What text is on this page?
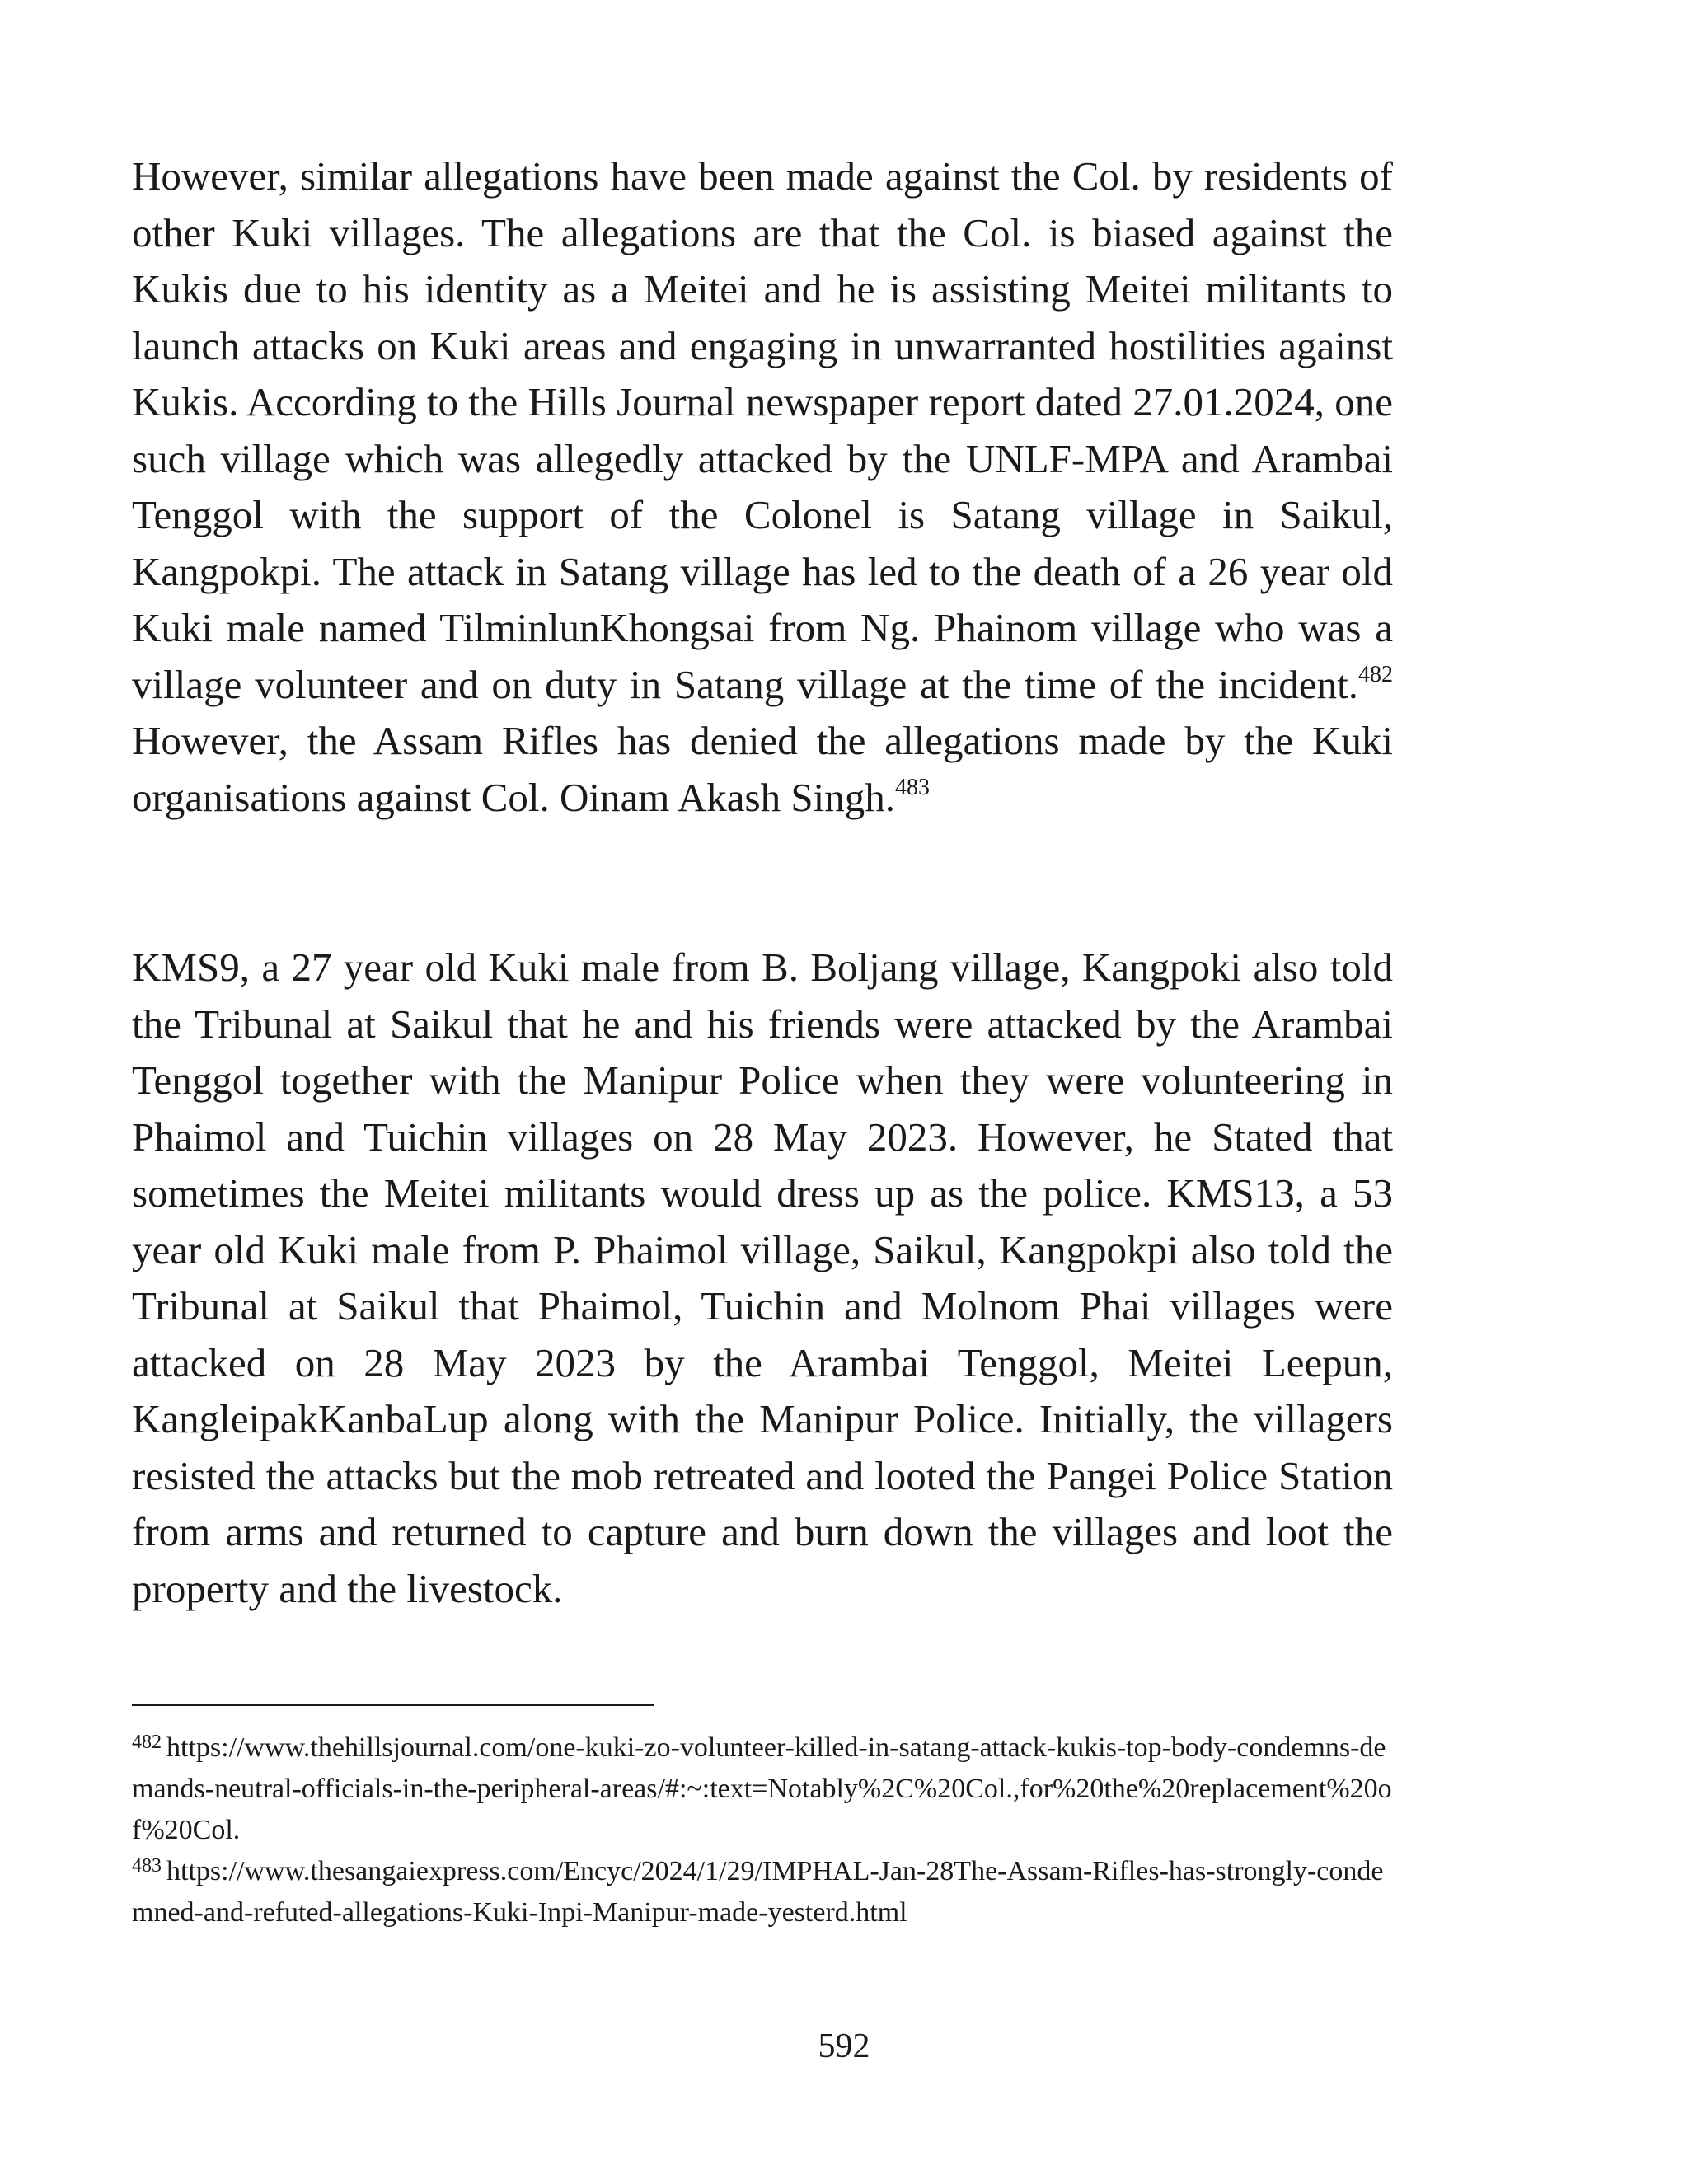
However, similar allegations have been made against the Col. by residents of other Kuki villages. The allegations are that the Col. is biased against the Kukis due to his identity as a Meitei and he is assisting Meitei militants to launch attacks on Kuki areas and engaging in unwarranted hostilities against Kukis. According to the Hills Journal newspaper report dated 27.01.2024, one such village which was allegedly attacked by the UNLF-MPA and Arambai Tenggol with the support of the Colonel is Satang village in Saikul, Kangpokpi. The attack in Satang village has led to the death of a 26 year old Kuki male named TilminlunKhongsai from Ng. Phainom village who was a village volunteer and on duty in Satang village at the time of the incident.$^{482}$ However, the Assam Rifles has denied the allegations made by the Kuki organisations against Col. Oinam Akash Singh.$^{483}$

KMS9, a 27 year old Kuki male from B. Boljang village, Kangpoki also told the Tribunal at Saikul that he and his friends were attacked by the Arambai Tenggol together with the Manipur Police when they were volunteering in Phaimol and Tuichin villages on 28 May 2023. However, he Stated that sometimes the Meitei militants would dress up as the police. KMS13, a 53 year old Kuki male from P. Phaimol village, Saikul, Kangpokpi also told the Tribunal at Saikul that Phaimol, Tuichin and Molnom Phai villages were attacked on 28 May 2023 by the Arambai Tenggol, Meitei Leepun, KangleipakKanbaLup along with the Manipur Police. Initially, the villagers resisted the attacks but the mob retreated and looted the Pangei Police Station from arms and returned to capture and burn down the villages and loot the property and the livestock.

$^{482}$ https://www.thehillsjournal.com/one-kuki-zo-volunteer-killed-in-satang-attack-kukis-top-body-condemns-demands-neutral-officials-in-the-peripheral-areas/#:~:text=Notably%2C%20Col.,for%20the%20replacement%20of%20Col.

$^{483}$ https://www.thesangaiexpress.com/Encyc/2024/1/29/IMPHAL-Jan-28The-Assam-Rifles-has-strongly-condemned-and-refuted-allegations-Kuki-Inpi-Manipur-made-yesterd.html

592
